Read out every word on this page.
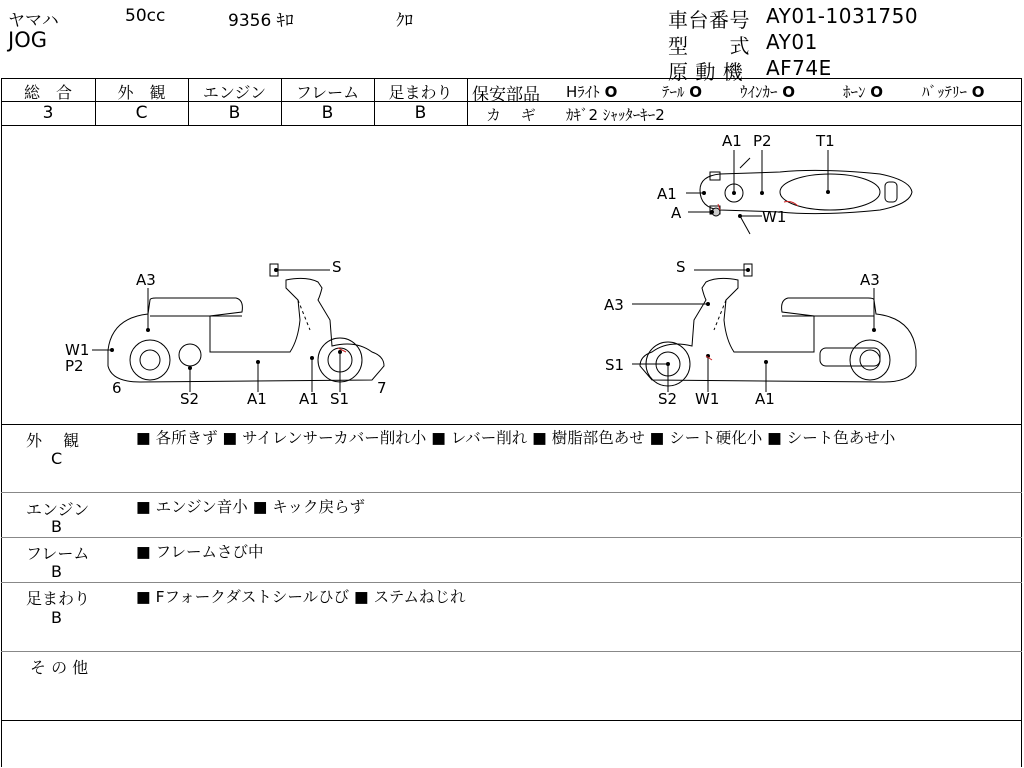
ヤマハ	50cc	9356 ｷﾛ	ｸﾛ
JOG
車台番号 AY01-1031750
型　　式 AY01
原 動 機 AF74E
総　合	外　観	エンジン	フレーム	足まわり
3	C	B	B	B
保安部品 Hﾗｲﾄ O	ﾃｰﾙ O	ｳｲﾝｶｰ O	ﾎｰﾝ O	ﾊﾞｯﾃﾘｰ O
カ　 ギ ｶｷﾞ2 ｼｬｯﾀｰｷｰ2
A1 P2	T1
A1
A	W1
A3
S
W1
P2
6
S2	A1 A1 S1
7
S
A3
A3
S1
S2 W1 A1
外　 観
C
■ 各所きず ■ サイレンサーカバー削れ小 ■ レバー削れ ■ 樹脂部色あせ ■ シート硬化小 ■ シート色あせ小
エンジン
B
■ エンジン音小 ■ キック戻らず
フレーム
B
■ フレームさび中
足まわり
B
■ Fフォークダストシールひび ■ ステムねじれ
そ の 他
